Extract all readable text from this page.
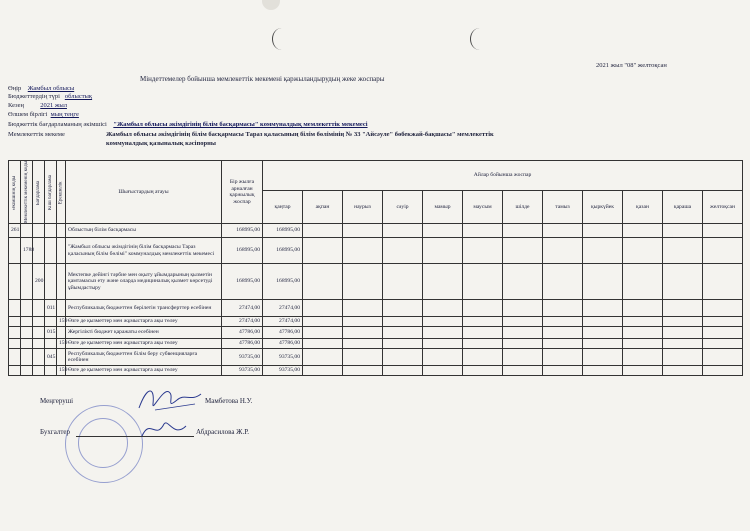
2021 жыл "08" желтоқсан
Міндеттемелер бойынша мемлекеттік мекемені қаржыландырудың жеке жоспары
Өңір Жамбыл облысы
Бюджеттердің түрі облыстық
Кезең	2021 жыл
Өлшем бірлігі мың теңге
Бюджеттік бағдарламаның әкімшісі "Жамбыл облысы әкімдігінің білім басқармасы" коммуналдық мемлекеттік мекемесі
Мемлекеттік мекеме	Жамбыл облысы әкімдігінің білім басқармасы Тараз қаласының білім бөлімінің № 33 "Айсәуле" бөбекжай-бақшасы" мемлекеттік
коммуналдық қазыналық кәсіпорны
Әкімшінің коды	Мемлекеттік мекеменің коды	Бағдарлама	Кіші бағдарлама	Ерекшелік	Шығыстардың атауы	Бір жылға арналған қаржылық жоспар	Айлар бойынша жоспар											
							қаңтар	ақпан	наурыз	сәуір	мамыр	маусым	шілде	тамыз	қыркүйек	қазан	қараша	желтоқсан
261					Облыстың білім басқармасы	168995,00	168995,00											
	1788				"Жамбыл облысы әкімдігінің білім басқармасы Тараз қаласының білім бөлімі" коммуналдық мемлекеттік мекемесі	168995,00	168995,00											
		200			Мектепке дейінгі тәрбие мен оқыту ұйымдарының қызметін қамтамасыз ету және оларда медициналық қызмет көрсетуді ұйымдастыру	168995,00	168995,00											
			011		Республикалық бюджеттен берілетін трансферттер есебінен	27474,00	27474,00											
				159	Өзге де қызметтер мен жұмыстарға ақы төлеу	27474,00	27474,00											
			015		Жергілікті бюджет қаражаты есебінен	47786,00	47786,00											
				159	Өзге де қызметтер мен жұмыстарға ақы төлеу	47786,00	47786,00											
			045		Республикалық бюджеттен білім беру субвенцияларға есебінен	93735,00	93735,00											
				159	Өзге де қызметтер мен жұмыстарға ақы төлеу	93735,00	93735,00											
Меңгеруші	Мамбетова Н.У.
Бухгалтер	Абдрасилова Ж.Р.
